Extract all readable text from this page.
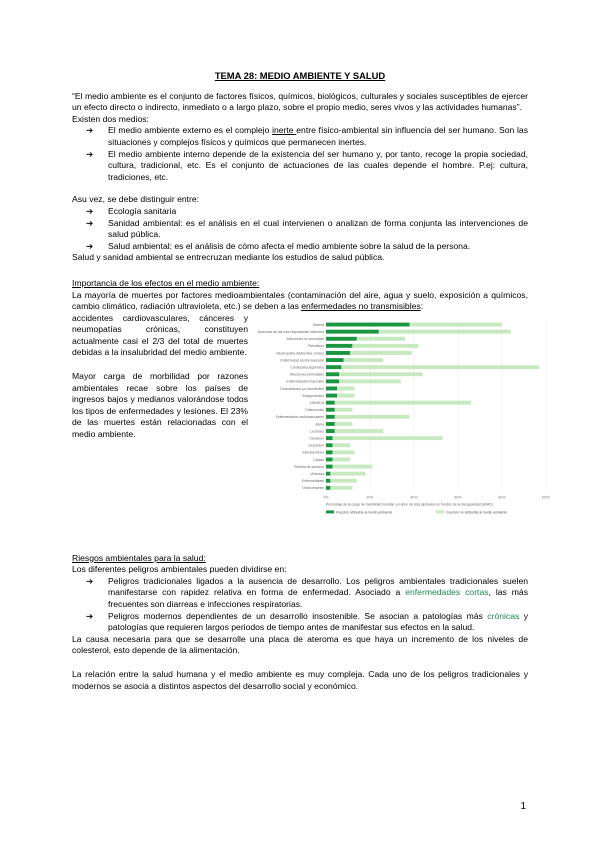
TEMA 28: MEDIO AMBIENTE Y SALUD

“El medio ambiente es el conjunto de factores físicos, químicos, biológicos, culturales y sociales susceptibles de ejercer un efecto directo o indirecto, inmediato o a largo plazo, sobre el propio medio, seres vivos y las actividades humanas”.

Existen dos medios:
➔ El medio ambiente externo es el complejo inerte entre físico-ambiental sin influencia del ser humano. Son las situaciones y complejos físicos y químicos que permanecen inertes.
➔ El medio ambiente interno depende de la existencia del ser humano y, por tanto, recoge la propia sociedad, cultura, tradicional, etc. Es el conjunto de actuaciones de las cuales depende el hombre. P.ej: cultura, tradiciones, etc.
Asu vez, se debe distinguir entre:
➔ Ecología sanitaria
➔ Sanidad ambiental: es el análisis en el cual intervienen o analizan de forma conjunta las intervenciones de salud pública.
➔ Salud ambiental: es el análisis de cómo afecta el medio ambiente sobre la salud de la persona.
Salud y sanidad ambiental se entrecruzan mediante los estudios de salud pública.
Importancia de los efectos en el medio ambiente:

La mayoría de muertes por factores medioambientales (contaminación del aire, agua y suelo, exposición a químicos, cambio climático, radiación ultravioleta, etc.) se deben a las enfermedades no transmisibles:

accidentes cardiovasculares, cánceres y neumopatías crónicas, constituyen actualmente casi el 2/3 del total de muertes debidas a la insalubridad del medio ambiente.

Mayor carga de morbilidad por razones ambientales recae sobre los países de ingresos bajos y medianos valorándose todos los tipos de enfermedades y lesiones. El 23% de las muertes están relacionadas con el medio ambiente.

0%	20%	40%	60%	80%	100%
Diarrea
Infecciones de las vías respiratorias inferiores
Afecciones no conocidas
Paludismo
Neumopatía obstructiva crónica
Enfermedad cerebrovascular
Cardiopatía isquémica
Afecciones perinatales
Enfermedades tropicales
Traumatismos por accidentes
Ahogamientos
VIH/SIDA
Tuberculosis
Enfermedades cardiovasculares
Asma
Lesiones
Cánceres
Depresión
Intoxicaciones
Caídas
Pérdida de audición
Violencia
Enfermedades
Otras lesiones
Porcentaje de la carga de morbilidad mundial, en años de vida ajustados en función de la discapacidad (AVAD)
Fracción atribuible al medio ambiente	Fracción no atribuible al medio ambiente
Riesgos ambientales para la salud:
Los diferentes peligros ambientales pueden dividirse en:
➔ Peligros tradicionales ligados a la ausencia de desarrollo. Los peligros ambientales tradicionales suelen manifestarse con rapidez relativa en forma de enfermedad. Asociado a enfermedades cortas, las más frecuentes son diarreas e infecciones respiratorias.
➔ Peligros modernos dependientes de un desarrollo insostenible. Se asocian a patologías más crónicas y patologías que requieren largos periodos de tiempo antes de manifestar sus efectos en la salud.

La causa necesaria para que se desarrolle una placa de ateroma es que haya un incremento de los niveles de colesterol, esto depende de la alimentación.

La relación entre la salud humana y el medio ambiente es muy compleja. Cada uno de los peligros tradicionales y modernos se asocia a distintos aspectos del desarrollo social y económico.

1
